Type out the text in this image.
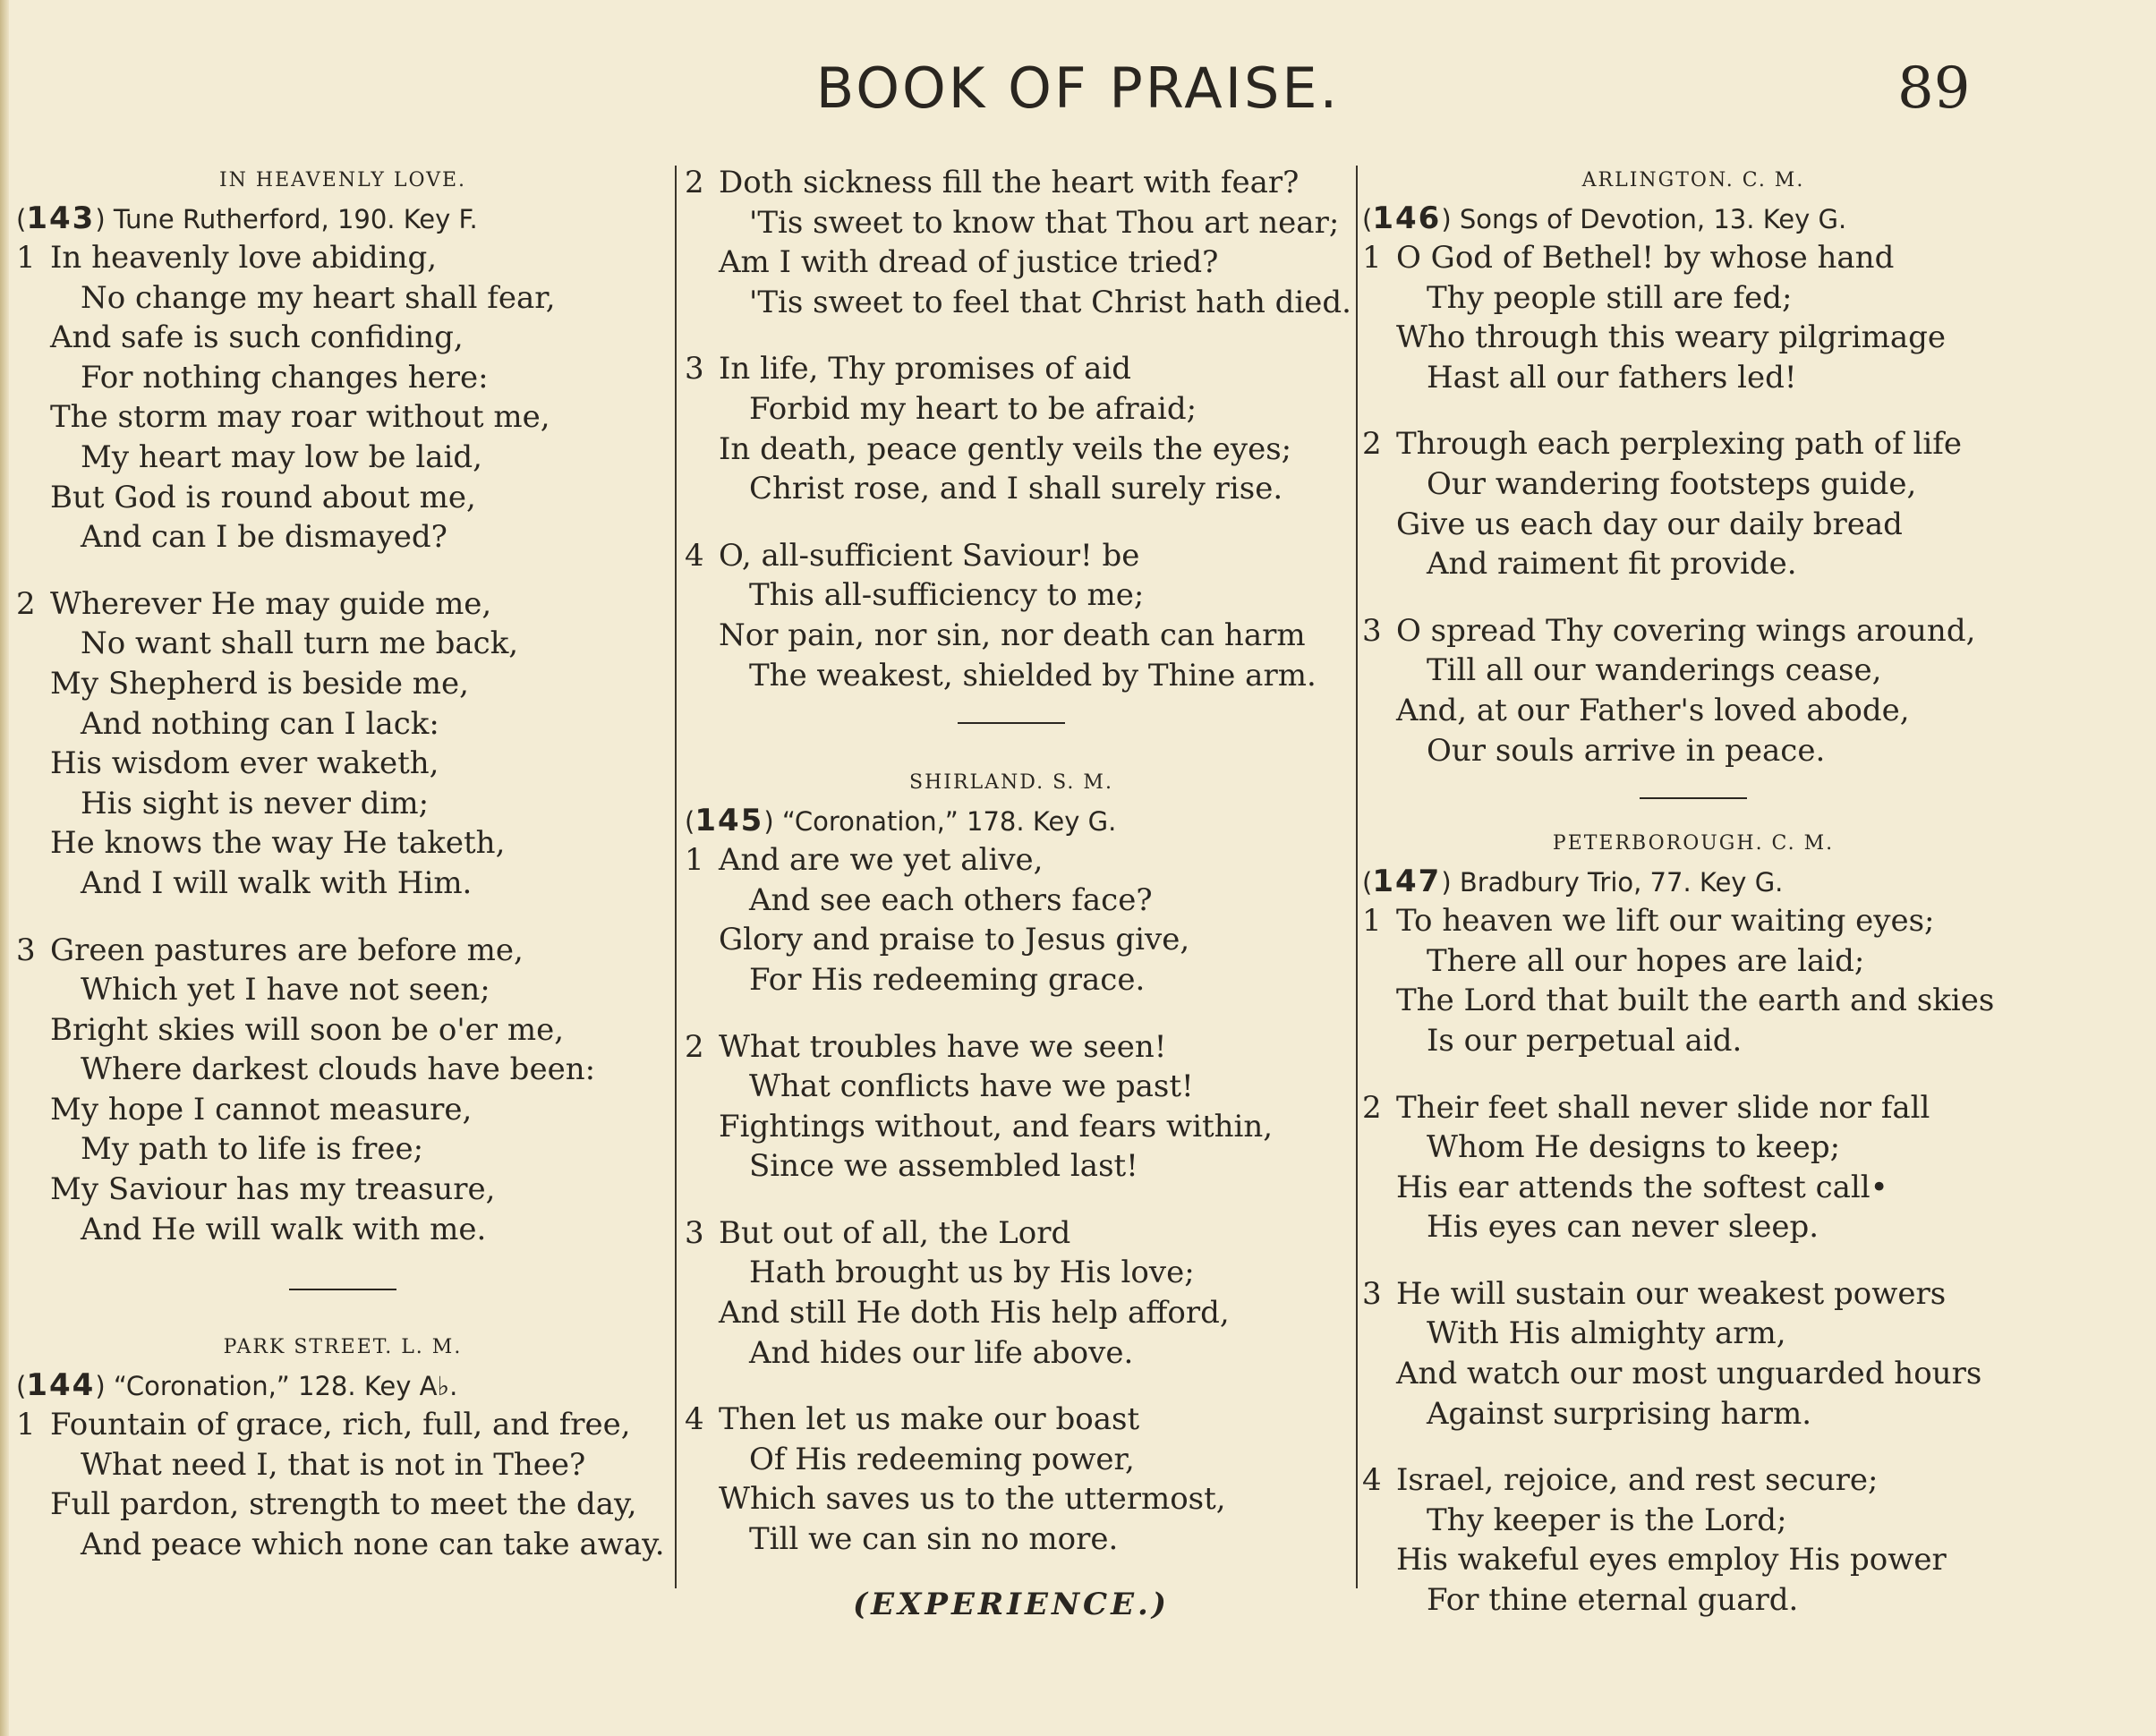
BOOK OF PRAISE.	89
IN HEAVENLY LOVE.
(143) Tune Rutherford, 190. Key F.
1 In heavenly love abiding,
No change my heart shall fear,
And safe is such confiding,
For nothing changes here:
The storm may roar without me,
My heart may low be laid,
But God is round about me,
And can I be dismayed?
2 Wherever He may guide me,
No want shall turn me back,
My Shepherd is beside me,
And nothing can I lack:
His wisdom ever waketh,
His sight is never dim;
He knows the way He taketh,
And I will walk with Him.
3 Green pastures are before me,
Which yet I have not seen;
Bright skies will soon be o'er me,
Where darkest clouds have been:
My hope I cannot measure,
My path to life is free;
My Saviour has my treasure,
And He will walk with me.
PARK STREET. L. M.
(144) “Coronation,” 128. Key A♭.
1 Fountain of grace, rich, full, and free,
What need I, that is not in Thee?
Full pardon, strength to meet the day,
And peace which none can take away.
2 Doth sickness fill the heart with fear?
'Tis sweet to know that Thou art near;
Am I with dread of justice tried?
'Tis sweet to feel that Christ hath died.
3 In life, Thy promises of aid
Forbid my heart to be afraid;
In death, peace gently veils the eyes;
Christ rose, and I shall surely rise.
4 O, all-sufficient Saviour! be
This all-sufficiency to me;
Nor pain, nor sin, nor death can harm
The weakest, shielded by Thine arm.
SHIRLAND. S. M.
(145) “Coronation,” 178. Key G.
1 And are we yet alive,
And see each others face?
Glory and praise to Jesus give,
For His redeeming grace.
2 What troubles have we seen!
What conflicts have we past!
Fightings without, and fears within,
Since we assembled last!
3 But out of all, the Lord
Hath brought us by His love;
And still He doth His help afford,
And hides our life above.
4 Then let us make our boast
Of His redeeming power,
Which saves us to the uttermost,
Till we can sin no more.
(EXPERIENCE.)
ARLINGTON. C. M.
(146) Songs of Devotion, 13. Key G.
1 O God of Bethel! by whose hand
Thy people still are fed;
Who through this weary pilgrimage
Hast all our fathers led!
2 Through each perplexing path of life
Our wandering footsteps guide,
Give us each day our daily bread
And raiment fit provide.
3 O spread Thy covering wings around,
Till all our wanderings cease,
And, at our Father's loved abode,
Our souls arrive in peace.
PETERBOROUGH. C. M.
(147) Bradbury Trio, 77. Key G.
1 To heaven we lift our waiting eyes;
There all our hopes are laid;
The Lord that built the earth and skies
Is our perpetual aid.
2 Their feet shall never slide nor fall
Whom He designs to keep;
His ear attends the softest call•
His eyes can never sleep.
3 He will sustain our weakest powers
With His almighty arm,
And watch our most unguarded hours
Against surprising harm.
4 Israel, rejoice, and rest secure;
Thy keeper is the Lord;
His wakeful eyes employ His power
For thine eternal guard.
